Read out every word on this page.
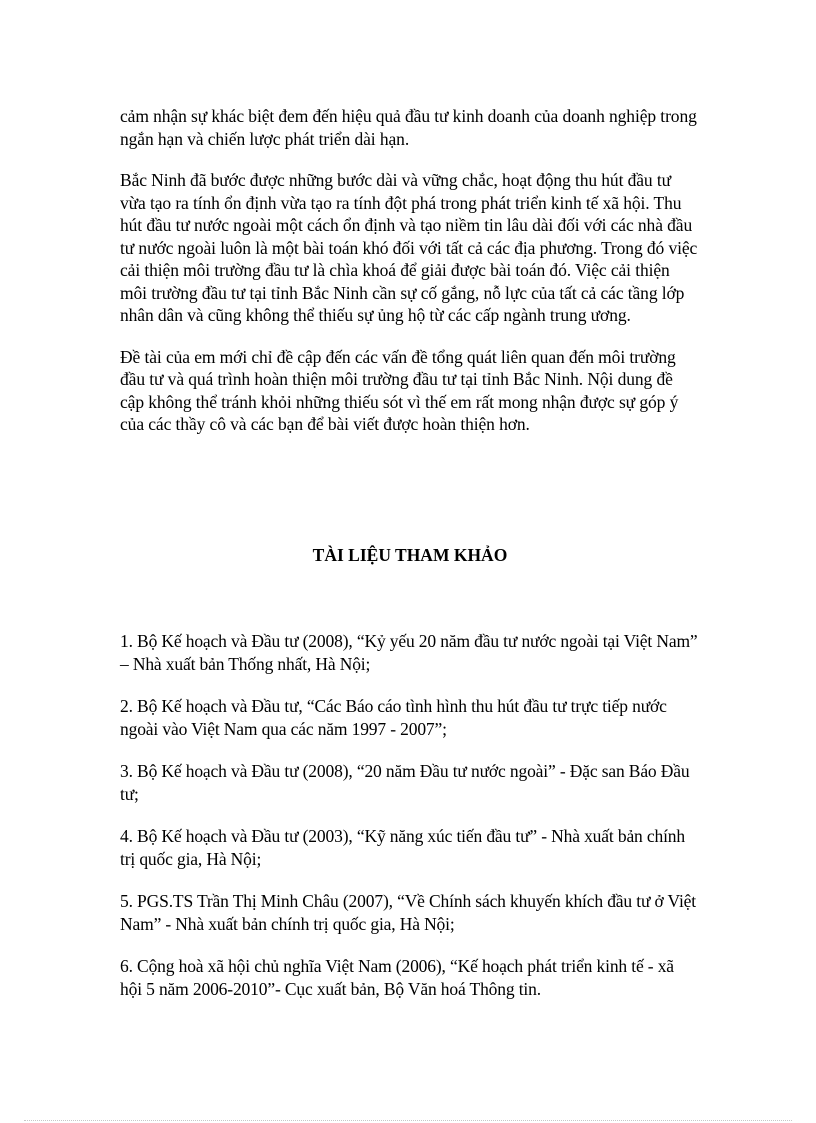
cảm nhận sự khác biệt đem đến hiệu quả đầu tư kinh doanh của doanh nghiệp trong ngắn hạn và chiến lược phát triển dài hạn.

Bắc Ninh đã bước được những bước dài và vững chắc, hoạt động thu hút đầu tư vừa tạo ra tính ổn định vừa tạo ra tính đột phá trong phát triển kinh tế xã hội. Thu hút đầu tư nước ngoài một cách ổn định và tạo niềm tin lâu dài đối với các nhà đầu tư nước ngoài luôn là một bài toán khó đối với tất cả các địa phương. Trong đó việc cải thiện môi trường đầu tư là chìa khoá để giải được bài toán đó. Việc cải thiện môi trường đầu tư tại tỉnh Bắc Ninh cần sự cố gắng, nỗ lực của tất cả các tầng lớp nhân dân và cũng không thể thiếu sự ủng hộ từ các cấp ngành trung ương.

Đề tài của em mới chỉ đề cập đến các vấn đề tổng quát liên quan đến môi trường đầu tư và quá trình hoàn thiện môi trường đầu tư tại tỉnh Bắc Ninh. Nội dung đề cập không thể tránh khỏi những thiếu sót vì thế em rất mong nhận được sự góp ý của các thầy cô và các bạn để bài viết được hoàn thiện hơn.

TÀI LIỆU THAM KHẢO

1. Bộ Kế hoạch và Đầu tư (2008), “Kỷ yếu 20 năm đầu tư nước ngoài tại Việt Nam” – Nhà xuất bản Thống nhất, Hà Nội;

2. Bộ Kế hoạch và Đầu tư, “Các Báo cáo tình hình thu hút đầu tư trực tiếp nước ngoài vào Việt Nam qua các năm 1997 - 2007”;

3. Bộ Kế hoạch và Đầu tư (2008), “20 năm Đầu tư nước ngoài” - Đặc san Báo Đầu tư;

4. Bộ Kế hoạch và Đầu tư (2003), “Kỹ năng xúc tiến đầu tư” - Nhà xuất bản chính trị quốc gia, Hà Nội;

5. PGS.TS Trần Thị Minh Châu (2007), “Về Chính sách khuyến khích đầu tư ở Việt Nam” - Nhà xuất bản chính trị quốc gia, Hà Nội;

6. Cộng hoà xã hội chủ nghĩa Việt Nam (2006), “Kế hoạch phát triển kinh tế - xã hội 5 năm 2006-2010”- Cục xuất bản, Bộ Văn hoá Thông tin.
